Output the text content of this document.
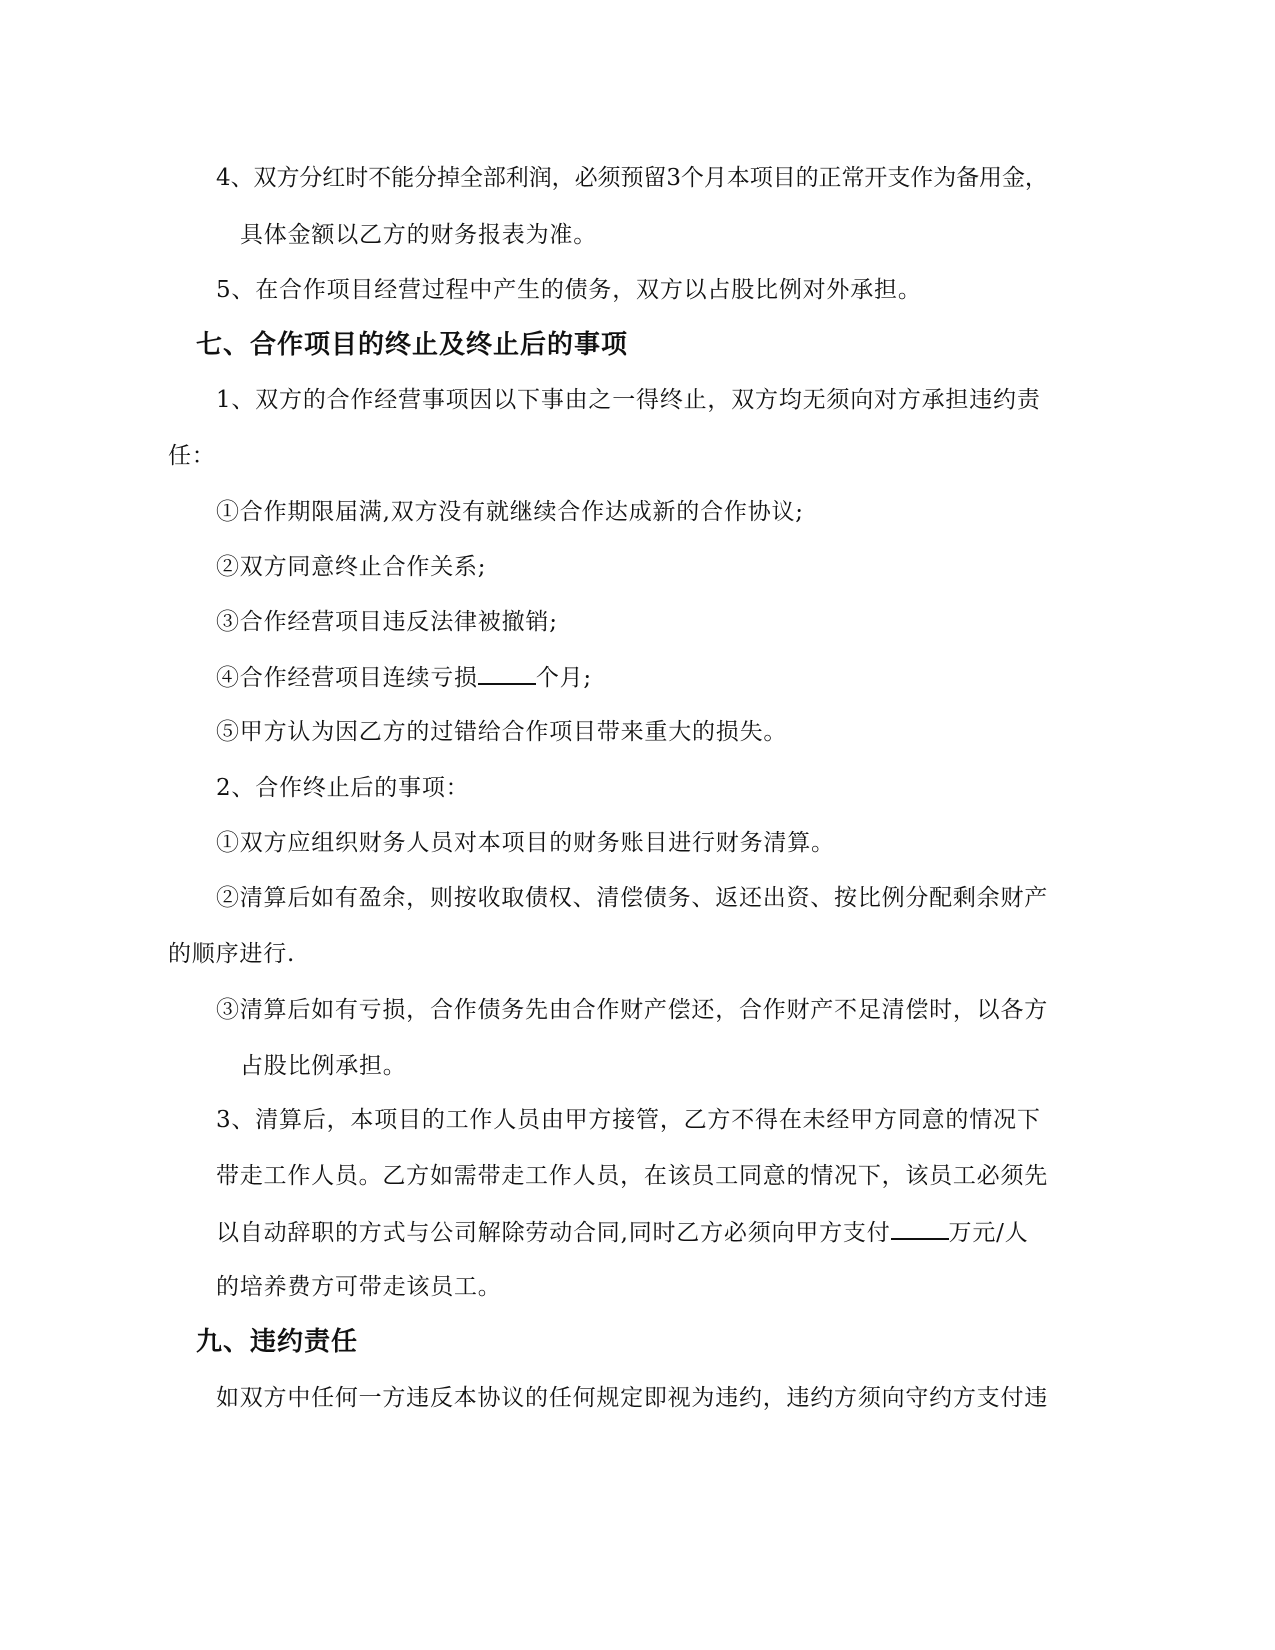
4、双方分红时不能分掉全部利润，必须预留3个月本项目的正常开支作为备用金，
具体金额以乙方的财务报表为准。
5、在合作项目经营过程中产生的债务，双方以占股比例对外承担。
七、合作项目的终止及终止后的事项
1、双方的合作经营事项因以下事由之一得终止，双方均无须向对方承担违约责
任：
①合作期限届满,双方没有就继续合作达成新的合作协议;
②双方同意终止合作关系;
③合作经营项目违反法律被撤销;
④合作经营项目连续亏损	个月;
⑤甲方认为因乙方的过错给合作项目带来重大的损失。
2、合作终止后的事项：
①双方应组织财务人员对本项目的财务账目进行财务清算。
②清算后如有盈余，则按收取债权、清偿债务、返还出资、按比例分配剩余财产
的顺序进行.
③清算后如有亏损，合作债务先由合作财产偿还，合作财产不足清偿时，以各方
占股比例承担。
3、清算后，本项目的工作人员由甲方接管，乙方不得在未经甲方同意的情况下
带走工作人员。乙方如需带走工作人员，在该员工同意的情况下，该员工必须先
以自动辞职的方式与公司解除劳动合同,同时乙方必须向甲方支付	万元/人
的培养费方可带走该员工。
九、违约责任
如双方中任何一方违反本协议的任何规定即视为违约，违约方须向守约方支付违
